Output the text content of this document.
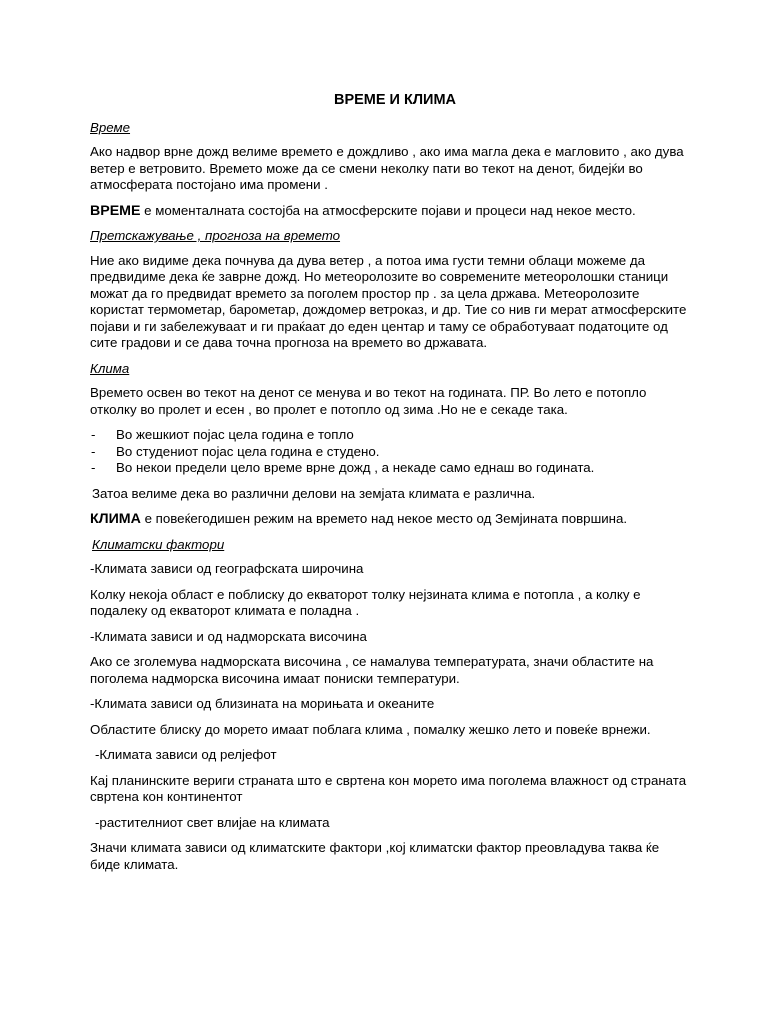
ВРЕМЕ И КЛИМА
Време
Ако надвор врне дожд велиме времето е дождливо , ако има магла дека е магловито , ако дува ветер е ветровито. Времето може да се смени неколку пати во текот на денот, бидејќи во атмосферата постојано има промени .
ВРЕМЕ е моменталната состојба на атмосферските појави и процеси над некое место.
Претскажување , прогноза на времето
Ние ако видиме дека почнува да дува ветер , а потоа има густи темни облаци можеме да предвидиме дека ќе заврне дожд. Но метеоролозите во современите метеоролошки станици можат да го предвидат времето за поголем простор пр . за цела држава. Метеоролозите користат термометар, барометар, дождомер ветроказ, и др. Тие со нив ги мерат атмосферските појави и ги забележуваат и ги праќаат до еден центар и таму се обработуваат податоците од сите градови и се дава точна прогноза на времето во државата.
Клима
Времето освен во текот на денот се менува и во текот на годината. ПР. Во лето е потопло отколку во пролет и есен , во пролет е потопло од зима .Но не е секаде така.
- Во жешкиот појас цела година е топло
- Во студениот појас цела година е студено.
- Во некои предели цело време врне дожд , а некаде само еднаш во годината.
Затоа велиме дека во различни делови на земјата климата е различна.
КЛИМА е повеќегодишен режим на времето над некое место од Земјината површина.
Климатски фактори
-Климата зависи од географската широчина
Колку некоја област е поблиску до екваторот толку нејзината клима е потопла , а колку е подалеку од екваторот климата е поладна .
-Климата зависи и од надморската височина
Ако се зголемува надморската височина , се намалува температурата, значи областите на поголема надморска височина имаат пониски температури.
-Климата зависи од близината на морињата и океаните
Областите блиску до морето имаат поблага клима , помалку жешко лето и повеќе врнежи.
-Климата зависи од релјефот
Кај планинските вериги страната што е свртена кон морето има поголема влажност од страната свртена кон континентот
-растителниот свет влијае на климата
Значи климата зависи од климатските фактори ,кој климатски фактор преовладува таква ќе биде климата.
